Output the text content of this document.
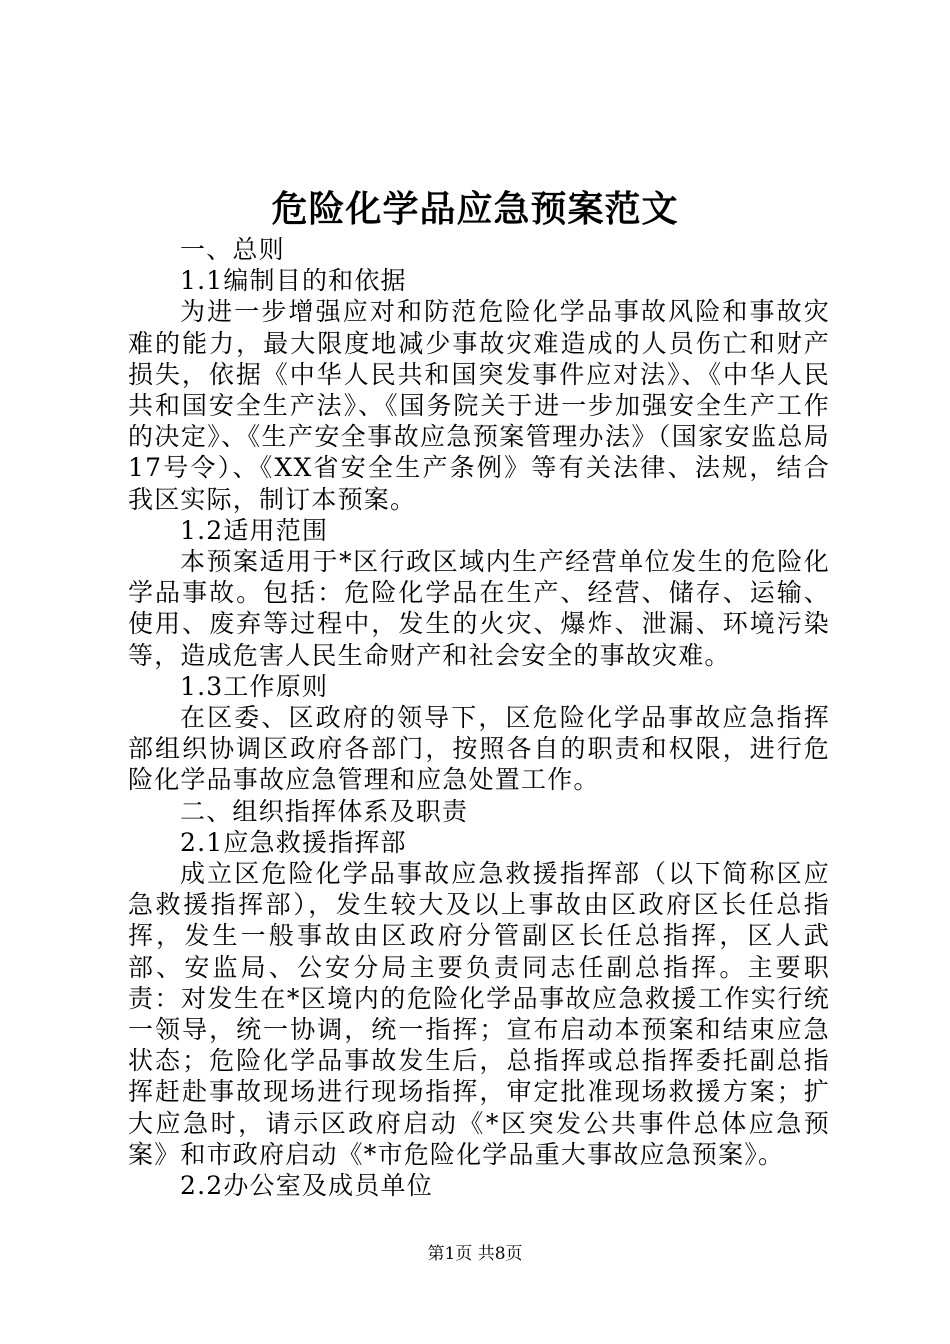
危险化学品应急预案范文

一、总则

1.1编制目的和依据

为进一步增强应对和防范危险化学品事故风险和事故灾难的能力，最大限度地减少事故灾难造成的人员伤亡和财产损失，依据《中华人民共和国突发事件应对法》、《中华人民共和国安全生产法》、《国务院关于进一步加强安全生产工作的决定》、《生产安全事故应急预案管理办法》（国家安监总局17号令）、《XX省安全生产条例》等有关法律、法规，结合我区实际，制订本预案。

1.2适用范围

本预案适用于*区行政区域内生产经营单位发生的危险化学品事故。包括：危险化学品在生产、经营、储存、运输、使用、废弃等过程中，发生的火灾、爆炸、泄漏、环境污染等，造成危害人民生命财产和社会安全的事故灾难。

1.3工作原则

在区委、区政府的领导下，区危险化学品事故应急指挥部组织协调区政府各部门，按照各自的职责和权限，进行危险化学品事故应急管理和应急处置工作。

二、组织指挥体系及职责

2.1应急救援指挥部

成立区危险化学品事故应急救援指挥部（以下简称区应急救援指挥部），发生较大及以上事故由区政府区长任总指挥，发生一般事故由区政府分管副区长任总指挥，区人武部、安监局、公安分局主要负责同志任副总指挥。主要职责：对发生在*区境内的危险化学品事故应急救援工作实行统一领导，统一协调，统一指挥；宣布启动本预案和结束应急状态；危险化学品事故发生后，总指挥或总指挥委托副总指挥赶赴事故现场进行现场指挥，审定批准现场救援方案；扩大应急时，请示区政府启动《*区突发公共事件总体应急预案》和市政府启动《*市危险化学品重大事故应急预案》。

2.2办公室及成员单位

第1页 共8页
